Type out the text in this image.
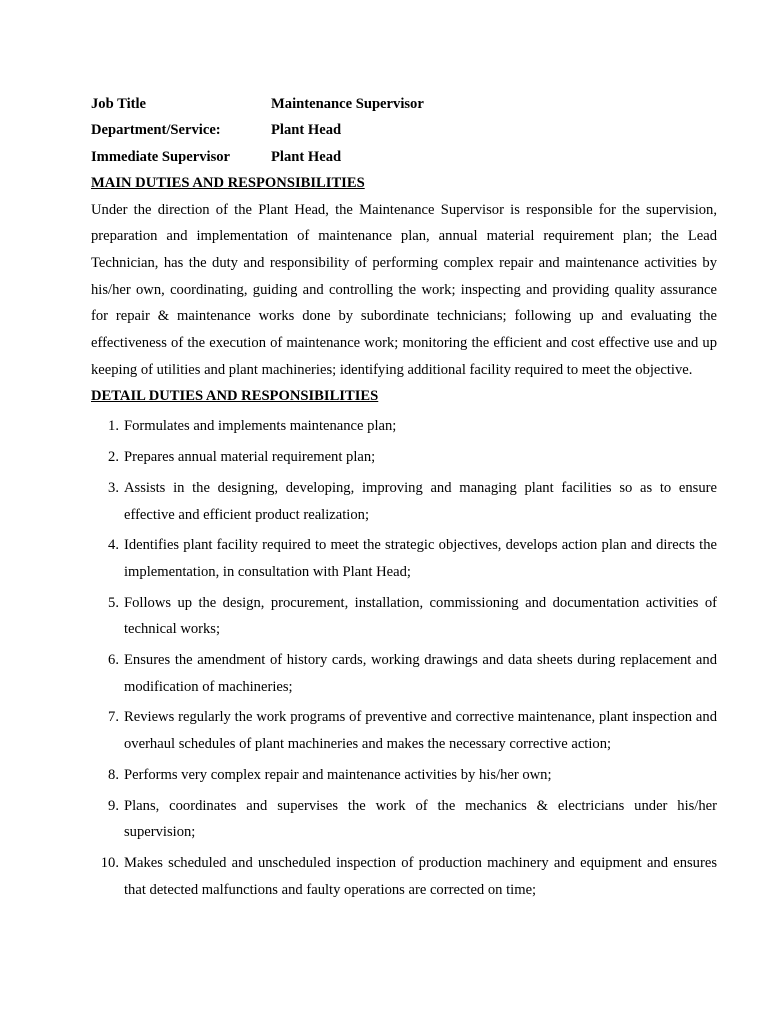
Job Title	Maintenance Supervisor
Department/Service:	Plant Head
Immediate Supervisor	Plant Head
MAIN DUTIES AND RESPONSIBILITIES

Under the direction of the Plant Head, the Maintenance Supervisor is responsible for the supervision, preparation and implementation of maintenance plan, annual material requirement plan; the Lead Technician, has the duty and responsibility of performing complex repair and maintenance activities by his/her own, coordinating, guiding and controlling the work; inspecting and providing quality assurance for repair & maintenance works done by subordinate technicians; following up and evaluating the effectiveness of the execution of maintenance work; monitoring the efficient and cost effective use and up keeping of utilities and plant machineries; identifying additional facility required to meet the objective.

DETAIL DUTIES AND RESPONSIBILITIES
1. Formulates and implements maintenance plan;
2. Prepares annual material requirement plan;
3. Assists in the designing, developing, improving and managing plant facilities so as to ensure effective and efficient product realization;
4. Identifies plant facility required to meet the strategic objectives, develops action plan and directs the implementation, in consultation with Plant Head;
5. Follows up the design, procurement, installation, commissioning and documentation activities of technical works;
6. Ensures the amendment of history cards, working drawings and data sheets during replacement and modification of machineries;
7. Reviews regularly the work programs of preventive and corrective maintenance, plant inspection and overhaul schedules of plant machineries and makes the necessary corrective action;
8. Performs very complex repair and maintenance activities by his/her own;
9. Plans, coordinates and supervises the work of the mechanics & electricians under his/her supervision;
10. Makes scheduled and unscheduled inspection of production machinery and equipment and ensures that detected malfunctions and faulty operations are corrected on time;
